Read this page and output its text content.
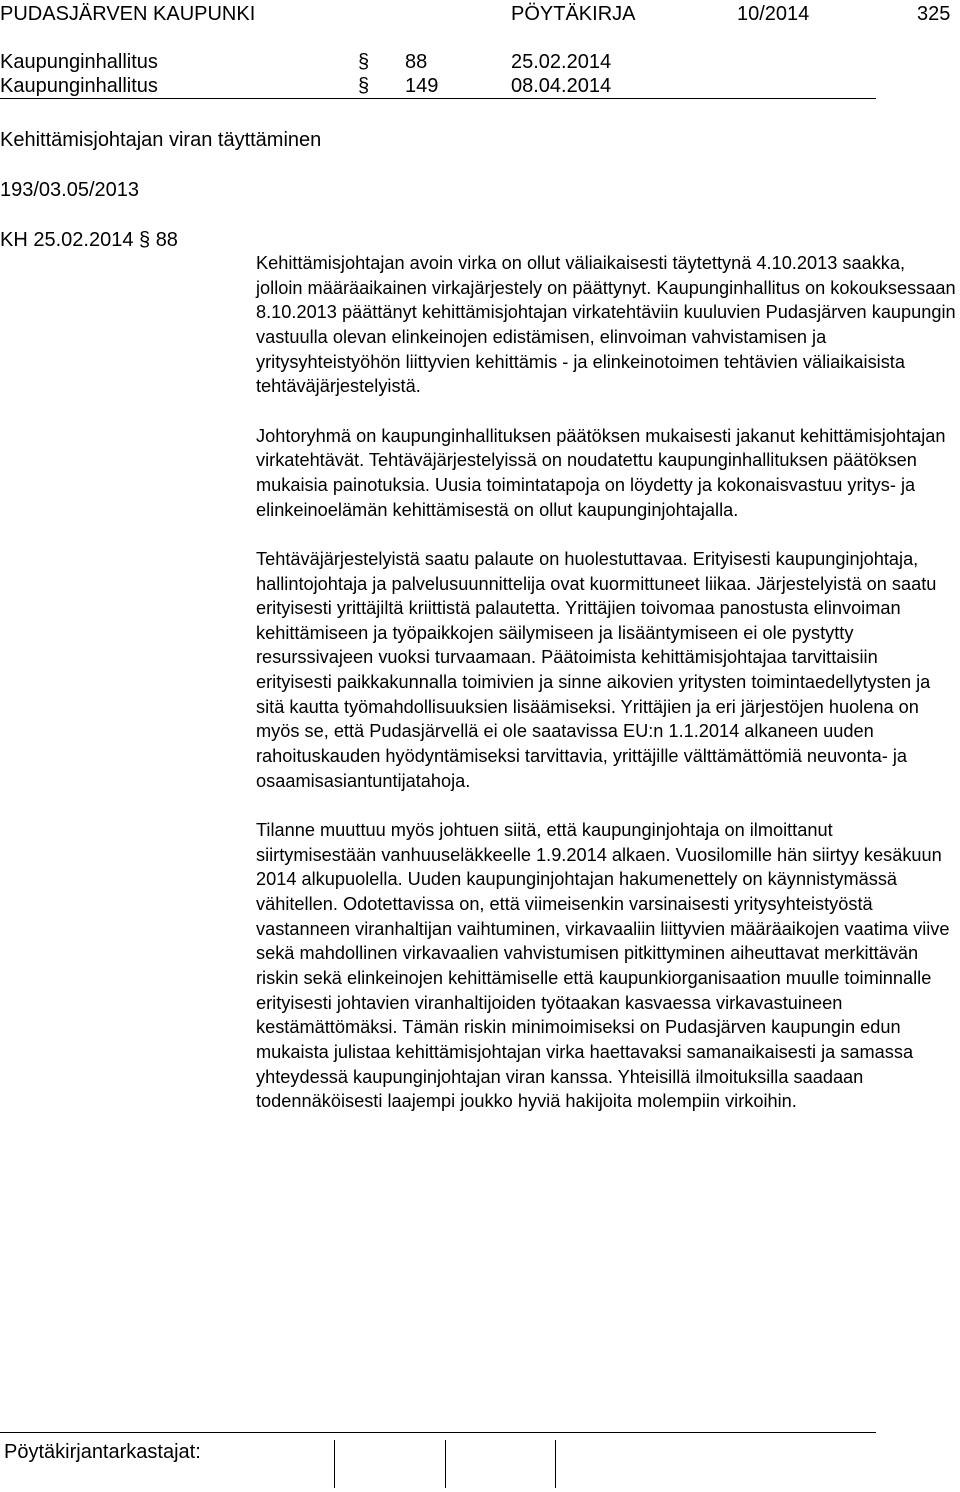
PUDASJÄRVEN KAUPUNKI	PÖYTÄKIRJA	10/2014	325
Kaupunginhallitus	§ 88	25.02.2014
Kaupunginhallitus	§ 149	08.04.2014
Kehittämisjohtajan viran täyttäminen
193/03.05/2013
KH 25.02.2014 § 88

Kehittämisjohtajan avoin virka on ollut väliaikaisesti täytettynä 4.10.2013 saakka, jolloin määräaikainen virkajärjestely on päättynyt. Kaupunginhallitus on kokouksessaan 8.10.2013 päättänyt kehittämisjohtajan virkatehtäviin kuuluvien Pudasjärven kaupungin vastuulla olevan elinkeinojen edistämisen, elinvoiman vahvistamisen ja yritysyhteistyöhön liittyvien kehittämis - ja elinkeinotoimen tehtävien väliaikaisista tehtäväjärjestelyistä.

Johtoryhmä on kaupunginhallituksen päätöksen mukaisesti jakanut kehittämisjohtajan virkatehtävät. Tehtäväjärjestelyissä on noudatettu kaupunginhallituksen päätöksen mukaisia painotuksia. Uusia toimintatapoja on löydetty ja kokonaisvastuu yritys- ja elinkeinoelämän kehittämisestä on ollut kaupunginjohtajalla.

Tehtäväjärjestelyistä saatu palaute on huolestuttavaa. Erityisesti kaupunginjohtaja, hallintojohtaja ja palvelusuunnittelija ovat kuormittuneet liikaa. Järjestelyistä on saatu erityisesti yrittäjiltä kriittistä palautetta. Yrittäjien toivomaa panostusta elinvoiman kehittämiseen ja työpaikkojen säilymiseen ja lisääntymiseen ei ole pystytty resurssivajeen vuoksi turvaamaan. Päätoimista kehittämisjohtajaa tarvittaisiin erityisesti paikkakunnalla toimivien ja sinne aikovien yritysten toimintaedellytysten ja sitä kautta työmahdollisuuksien lisäämiseksi. Yrittäjien ja eri järjestöjen huolena on myös se, että Pudasjärvellä ei ole saatavissa EU:n 1.1.2014 alkaneen uuden rahoituskauden hyödyntämiseksi tarvittavia, yrittäjille välttämättömiä neuvonta- ja osaamisasiantuntijatahoja.

Tilanne muuttuu myös johtuen siitä, että kaupunginjohtaja on ilmoittanut siirtymisestään vanhuuseläkkeelle 1.9.2014 alkaen. Vuosilomille hän siirtyy kesäkuun 2014 alkupuolella. Uuden kaupunginjohtajan hakumenettely on käynnistymässä vähitellen. Odotettavissa on, että viimeisenkin varsinaisesti yritysyhteistyöstä vastanneen viranhaltijan vaihtuminen, virkavaaliin liittyvien määräaikojen vaatima viive sekä mahdollinen virkavaalien vahvistumisen pitkittyminen aiheuttavat merkittävän riskin sekä elinkeinojen kehittämiselle että kaupunkiorganisaation muulle toiminnalle erityisesti johtavien viranhaltijoiden työtaakan kasvaessa virkavastuineen kestämättömäksi. Tämän riskin minimoimiseksi on Pudasjärven kaupungin edun mukaista julistaa kehittämisjohtajan virka haettavaksi samanaikaisesti ja samassa yhteydessä kaupunginjohtajan viran kanssa. Yhteisillä ilmoituksilla saadaan todennäköisesti laajempi joukko hyviä hakijoita molempiin virkoihin.

Pöytäkirjantarkastajat:
